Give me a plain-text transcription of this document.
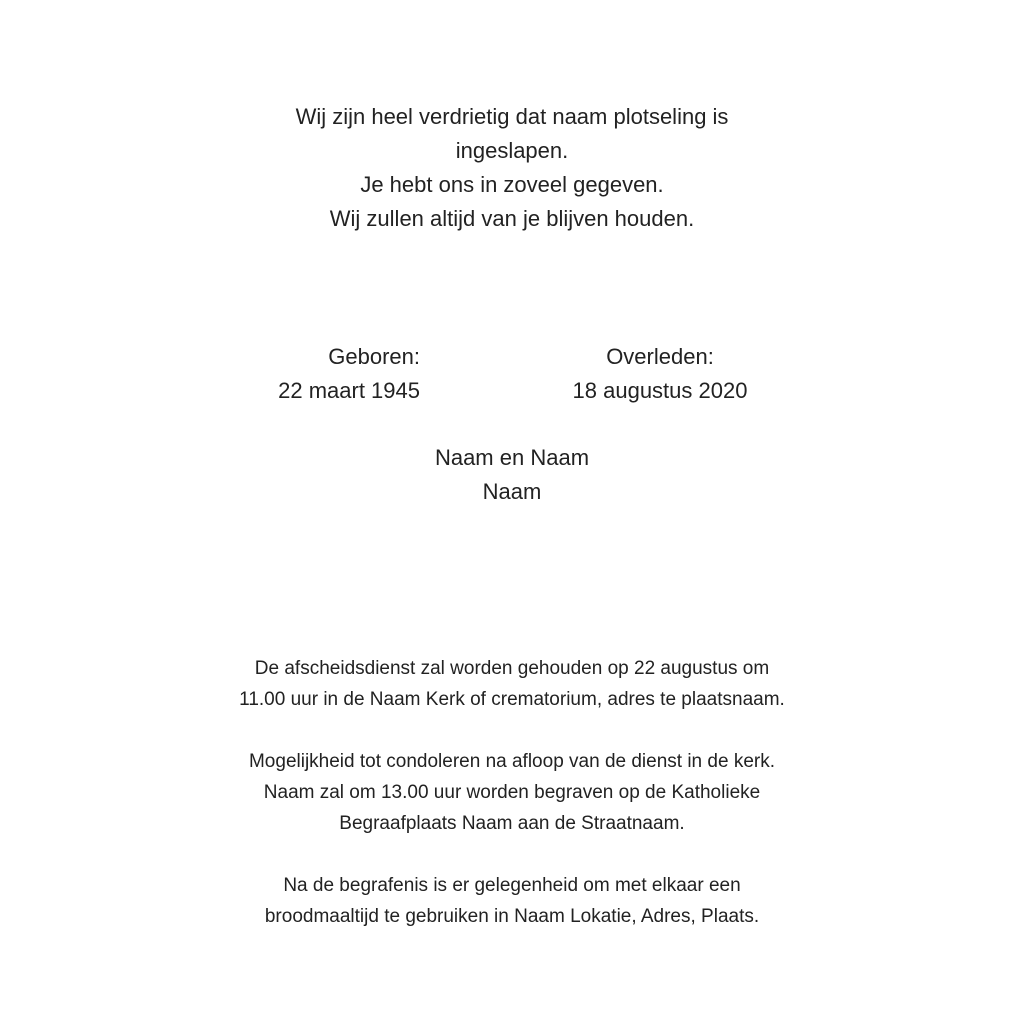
Wij zijn heel verdrietig dat naam plotseling is
ingeslapen.
Je hebt ons in zoveel gegeven.
Wij zullen altijd van je blijven houden.
Geboren:
22 maart 1945
Overleden:
18 augustus 2020
Naam en Naam
Naam
De afscheidsdienst zal worden gehouden op 22 augustus om
11.00 uur in de Naam Kerk of crematorium, adres te plaatsnaam.
Mogelijkheid tot condoleren na afloop van de dienst in de kerk.
Naam zal om 13.00 uur worden begraven op de Katholieke
Begraafplaats Naam aan de Straatnaam.
Na de begrafenis is er gelegenheid om met elkaar een
broodmaaltijd te gebruiken in Naam Lokatie, Adres, Plaats.
